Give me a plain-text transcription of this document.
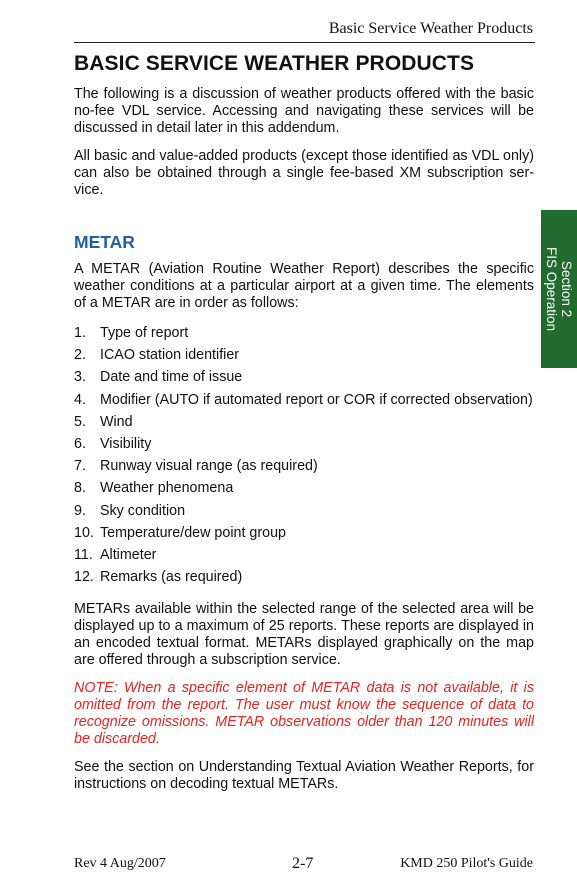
Basic Service Weather Products
Section 2
FIS Operation
BASIC SERVICE WEATHER PRODUCTS

The following is a discussion of weather products offered with the basic no-fee VDL service. Accessing and navigating these services will be discussed in detail later in this addendum.

All basic and value-added products (except those identified as VDL only) can also be obtained through a single fee-based XM subscription ser-vice.

METAR

A METAR (Aviation Routine Weather Report) describes the specific weather conditions at a particular airport at a given time. The elements of a METAR are in order as follows:

1. Type of report
2. ICAO station identifier
3. Date and time of issue
4. Modifier (AUTO if automated report or COR if corrected observation)
5. Wind
6. Visibility
7. Runway visual range (as required)
8. Weather phenomena
9. Sky condition
10. Temperature/dew point group
11. Altimeter
12. Remarks (as required)

METARs available within the selected range of the selected area will be displayed up to a maximum of 25 reports. These reports are displayed in an encoded textual format. METARs displayed graphically on the map are offered through a subscription service.

NOTE: When a specific element of METAR data is not available, it is omitted from the report. The user must know the sequence of data to recognize omissions. METAR observations older than 120 minutes will be discarded.

See the section on Understanding Textual Aviation Weather Reports, for instructions on decoding textual METARs.

Rev 4 Aug/2007	2-7	KMD 250 Pilot's Guide
